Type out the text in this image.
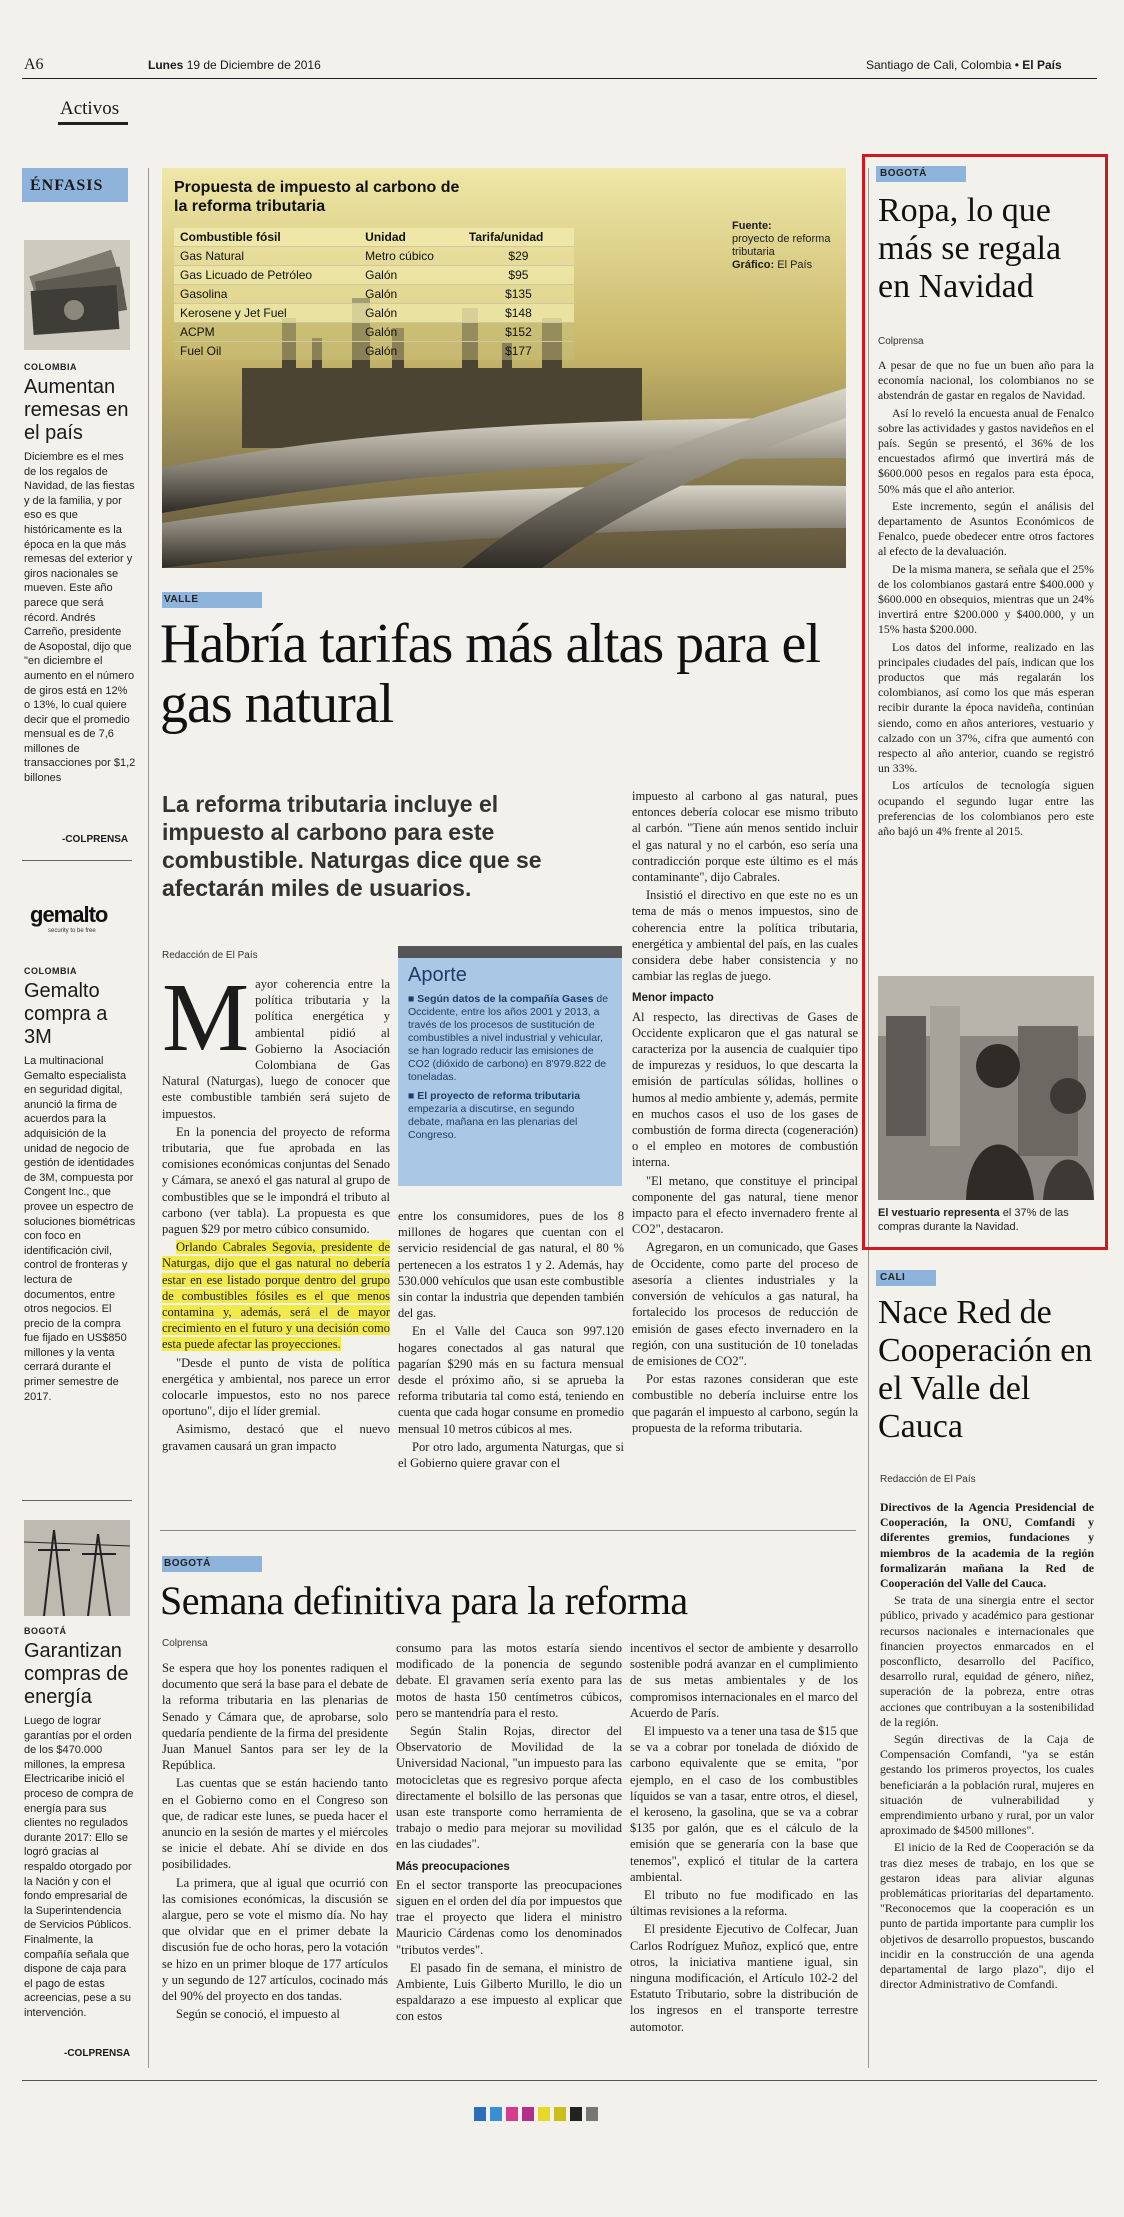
A6	Lunes 19 de Diciembre de 2016	Santiago de Cali, Colombia • El País
Activos
ÉNFASIS
COLOMBIA
Aumentan remesas en el país
Diciembre es el mes de los regalos de Navidad, de las fiestas y de la familia, y por eso es que históricamente es la época en la que más remesas del exterior y giros nacionales se mueven. Este año parece que será récord. Andrés Carreño, presidente de Asopostal, dijo que "en diciembre el aumento en el número de giros está en 12% o 13%, lo cual quiere decir que el promedio mensual es de 7,6 millones de transacciones por $1,2 billones
-COLPRENSA
gemalto
security to be free
COLOMBIA
Gemalto compra a 3M
La multinacional Gemalto especialista en seguridad digital, anunció la firma de acuerdos para la adquisición de la unidad de negocio de gestión de identidades de 3M, compuesta por Congent Inc., que provee un espectro de soluciones biométricas con foco en identificación civil, control de fronteras y lectura de documentos, entre otros negocios. El precio de la compra fue fijado en US$850 millones y la venta cerrará durante el primer semestre de 2017.
BOGOTÁ
Garantizan compras de energía
Luego de lograr garantías por el orden de los $470.000 millones, la empresa Electricaribe inició el proceso de compra de energía para sus clientes no regulados durante 2017: Ello se logró gracias al respaldo otorgado por la Nación y con el fondo empresarial de la Superintendencia de Servicios Públicos. Finalmente, la compañía señala que dispone de caja para el pago de estas acreencias, pese a su intervención.
-COLPRENSA
Propuesta de impuesto al carbono de la reforma tributaria
Combustible fósil	Unidad	Tarifa/unidad
Gas Natural	Metro cúbico	$29
Gas Licuado de Petróleo	Galón	$95
Gasolina	Galón	$135
Kerosene y Jet Fuel	Galón	$148
ACPM	Galón	$152
Fuel Oil	Galón	$177
Fuente:
proyecto de reforma tributaria
Gráfico: El País
VALLE
Habría tarifas más altas para el gas natural
La reforma tributaria incluye el impuesto al carbono para este combustible. Naturgas dice que se afectarán miles de usuarios.
Redacción de El País
M ayor coherencia entre la política tributaria y la política energética y ambiental pidió al Gobierno la Asociación Colombiana de Gas Natural (Naturgas), luego de conocer que este combustible también será sujeto de impuestos.

En la ponencia del proyecto de reforma tributaria, que fue aprobada en las comisiones económicas conjuntas del Senado y Cámara, se anexó el gas natural al grupo de combustibles que se le impondrá el tributo al carbono (ver tabla). La propuesta es que paguen $29 por metro cúbico consumido.

Orlando Cabrales Segovia, presidente de Naturgas, dijo que el gas natural no debería estar en ese listado porque dentro del grupo de combustibles fósiles es el que menos contamina y, además, será el de mayor crecimiento en el futuro y una decisión como esta puede afectar las proyecciones.

"Desde el punto de vista de política energética y ambiental, nos parece un error colocarle impuestos, esto no nos parece oportuno", dijo el líder gremial.

Asimismo, destacó que el nuevo gravamen causará un gran impacto

Aporte
■ Según datos de la compañía Gases de Occidente, entre los años 2001 y 2013, a través de los procesos de sustitución de combustibles a nivel industrial y vehicular, se han logrado reducir las emisiones de CO2 (dióxido de carbono) en 8'979.822 de toneladas.
■ El proyecto de reforma tributaria empezaría a discutirse, en segundo debate, mañana en las plenarias del Congreso.

entre los consumidores, pues de los 8 millones de hogares que cuentan con el servicio residencial de gas natural, el 80 % pertenecen a los estratos 1 y 2. Además, hay 530.000 vehículos que usan este combustible sin contar la industria que dependen también del gas.

En el Valle del Cauca son 997.120 hogares conectados al gas natural que pagarían $290 más en su factura mensual desde el próximo año, si se aprueba la reforma tributaria tal como está, teniendo en cuenta que cada hogar consume en promedio mensual 10 metros cúbicos al mes.

Por otro lado, argumenta Naturgas, que si el Gobierno quiere gravar con el

impuesto al carbono al gas natural, pues entonces debería colocar ese mismo tributo al carbón. "Tiene aún menos sentido incluir el gas natural y no el carbón, eso sería una contradicción porque este último es el más contaminante", dijo Cabrales.

Insistió el directivo en que este no es un tema de más o menos impuestos, sino de coherencia entre la política tributaria, energética y ambiental del país, en las cuales considera debe haber consistencia y no cambiar las reglas de juego.

Menor impacto

Al respecto, las directivas de Gases de Occidente explicaron que el gas natural se caracteriza por la ausencia de cualquier tipo de impurezas y residuos, lo que descarta la emisión de partículas sólidas, hollines o humos al medio ambiente y, además, permite en muchos casos el uso de los gases de combustión de forma directa (cogeneración) o el empleo en motores de combustión interna.

"El metano, que constituye el principal componente del gas natural, tiene menor impacto para el efecto invernadero frente al CO2", destacaron.

Agregaron, en un comunicado, que Gases de Occidente, como parte del proceso de asesoría a clientes industriales y la conversión de vehículos a gas natural, ha fortalecido los procesos de reducción de emisión de gases efecto invernadero en la región, con una sustitución de 10 toneladas de emisiones de CO2".

Por estas razones consideran que este combustible no debería incluirse entre los que pagarán el impuesto al carbono, según la propuesta de la reforma tributaria.

BOGOTÁ
Semana definitiva para la reforma
Colprensa

Se espera que hoy los ponentes radiquen el documento que será la base para el debate de la reforma tributaria en las plenarias de Senado y Cámara que, de aprobarse, solo quedaría pendiente de la firma del presidente Juan Manuel Santos para ser ley de la República.

Las cuentas que se están haciendo tanto en el Gobierno como en el Congreso son que, de radicar este lunes, se pueda hacer el anuncio en la sesión de martes y el miércoles se inicie el debate. Ahí se divide en dos posibilidades.

La primera, que al igual que ocurrió con las comisiones económicas, la discusión se alargue, pero se vote el mismo día. No hay que olvidar que en el primer debate la discusión fue de ocho horas, pero la votación se hizo en un primer bloque de 177 artículos y un segundo de 127 artículos, cocinado más del 90% del proyecto en dos tandas.

Según se conoció, el impuesto al

consumo para las motos estaría siendo modificado de la ponencia de segundo debate. El gravamen sería exento para las motos de hasta 150 centímetros cúbicos, pero se mantendría para el resto.

Según Stalin Rojas, director del Observatorio de Movilidad de la Universidad Nacional, "un impuesto para las motocicletas que es regresivo porque afecta directamente el bolsillo de las personas que usan este transporte como herramienta de trabajo o medio para mejorar su movilidad en las ciudades".

Más preocupaciones

En el sector transporte las preocupaciones siguen en el orden del día por impuestos que trae el proyecto que lidera el ministro Mauricio Cárdenas como los denominados "tributos verdes".

El pasado fin de semana, el ministro de Ambiente, Luis Gilberto Murillo, le dio un espaldarazo a ese impuesto al explicar que con estos

incentivos el sector de ambiente y desarrollo sostenible podrá avanzar en el cumplimiento de sus metas ambientales y de los compromisos internacionales en el marco del Acuerdo de París.

El impuesto va a tener una tasa de $15 que se va a cobrar por tonelada de dióxido de carbono equivalente que se emita, "por ejemplo, en el caso de los combustibles líquidos se van a tasar, entre otros, el diesel, el keroseno, la gasolina, que se va a cobrar $135 por galón, que es el cálculo de la emisión que se generaría con la base que tenemos", explicó el titular de la cartera ambiental.

El tributo no fue modificado en las últimas revisiones a la reforma.

El presidente Ejecutivo de Colfecar, Juan Carlos Rodríguez Muñoz, explicó que, entre otros, la iniciativa mantiene igual, sin ninguna modificación, el Artículo 102-2 del Estatuto Tributario, sobre la distribución de los ingresos en el transporte terrestre automotor.

BOGOTÁ
Ropa, lo que más se regala en Navidad
Colprensa

A pesar de que no fue un buen año para la economía nacional, los colombianos no se abstendrán de gastar en regalos de Navidad.

Así lo reveló la encuesta anual de Fenalco sobre las actividades y gastos navideños en el país. Según se presentó, el 36% de los encuestados afirmó que invertirá más de $600.000 pesos en regalos para esta época, 50% más que el año anterior.

Este incremento, según el análisis del departamento de Asuntos Económicos de Fenalco, puede obedecer entre otros factores al efecto de la devaluación.

De la misma manera, se señala que el 25% de los colombianos gastará entre $400.000 y $600.000 en obsequios, mientras que un 24% invertirá entre $200.000 y $400.000, y un 15% hasta $200.000.

Los datos del informe, realizado en las principales ciudades del país, indican que los productos que más regalarán los colombianos, así como los que más esperan recibir durante la época navideña, continúan siendo, como en años anteriores, vestuario y calzado con un 37%, cifra que aumentó con respecto al año anterior, cuando se registró un 33%.

Los artículos de tecnología siguen ocupando el segundo lugar entre las preferencias de los colombianos pero este año bajó un 4% frente al 2015.

El vestuario representa el 37% de las compras durante la Navidad.
CALI
Nace Red de Cooperación en el Valle del Cauca
Redacción de El País

Directivos de la Agencia Presidencial de Cooperación, la ONU, Comfandi y diferentes gremios, fundaciones y miembros de la academia de la región formalizarán mañana la Red de Cooperación del Valle del Cauca.

Se trata de una sinergia entre el sector público, privado y académico para gestionar recursos nacionales e internacionales que financien proyectos enmarcados en el posconflicto, desarrollo del Pacífico, desarrollo rural, equidad de género, niñez, superación de la pobreza, entre otras acciones que contribuyan a la sostenibilidad de la región.

Según directivas de la Caja de Compensación Comfandi, "ya se están gestando los primeros proyectos, los cuales beneficiarán a la población rural, mujeres en situación de vulnerabilidad y emprendimiento urbano y rural, por un valor aproximado de $4500 millones".

El inicio de la Red de Cooperación se da tras diez meses de trabajo, en los que se gestaron ideas para aliviar algunas problemáticas prioritarias del departamento. "Reconocemos que la cooperación es un punto de partida importante para cumplir los objetivos de desarrollo propuestos, buscando incidir en la construcción de una agenda departamental de largo plazo", dijo el director Administrativo de Comfandi.
